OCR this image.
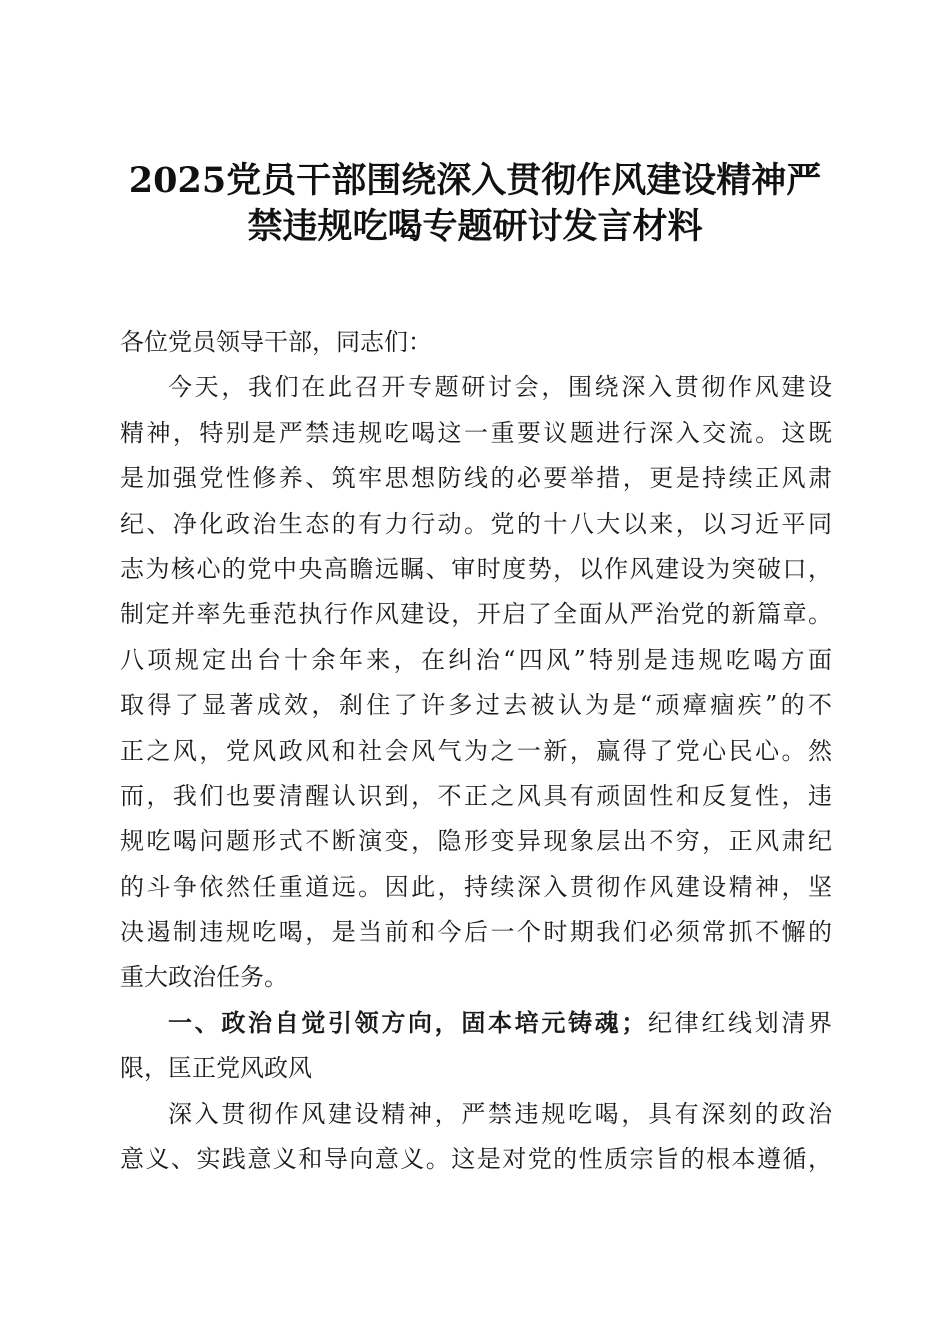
2025党员干部围绕深入贯彻作风建设精神严
禁违规吃喝专题研讨发言材料
各位党员领导干部，同志们：
今天，我们在此召开专题研讨会，围绕深入贯彻作风建设
精神，特别是严禁违规吃喝这一重要议题进行深入交流。这既
是加强党性修养、筑牢思想防线的必要举措，更是持续正风肃
纪、净化政治生态的有力行动。党的十八大以来，以习近平同
志为核心的党中央高瞻远瞩、审时度势，以作风建设为突破口，
制定并率先垂范执行作风建设，开启了全面从严治党的新篇章。
八项规定出台十余年来，在纠治“四风”特别是违规吃喝方面
取得了显著成效，刹住了许多过去被认为是“顽瘴痼疾”的不
正之风，党风政风和社会风气为之一新，赢得了党心民心。然
而，我们也要清醒认识到，不正之风具有顽固性和反复性，违
规吃喝问题形式不断演变，隐形变异现象层出不穷，正风肃纪
的斗争依然任重道远。因此，持续深入贯彻作风建设精神，坚
决遏制违规吃喝，是当前和今后一个时期我们必须常抓不懈的
重大政治任务。
一、政治自觉引领方向，固本培元铸魂；纪律红线划清界
限，匡正党风政风
深入贯彻作风建设精神，严禁违规吃喝，具有深刻的政治
意义、实践意义和导向意义。这是对党的性质宗旨的根本遵循，
